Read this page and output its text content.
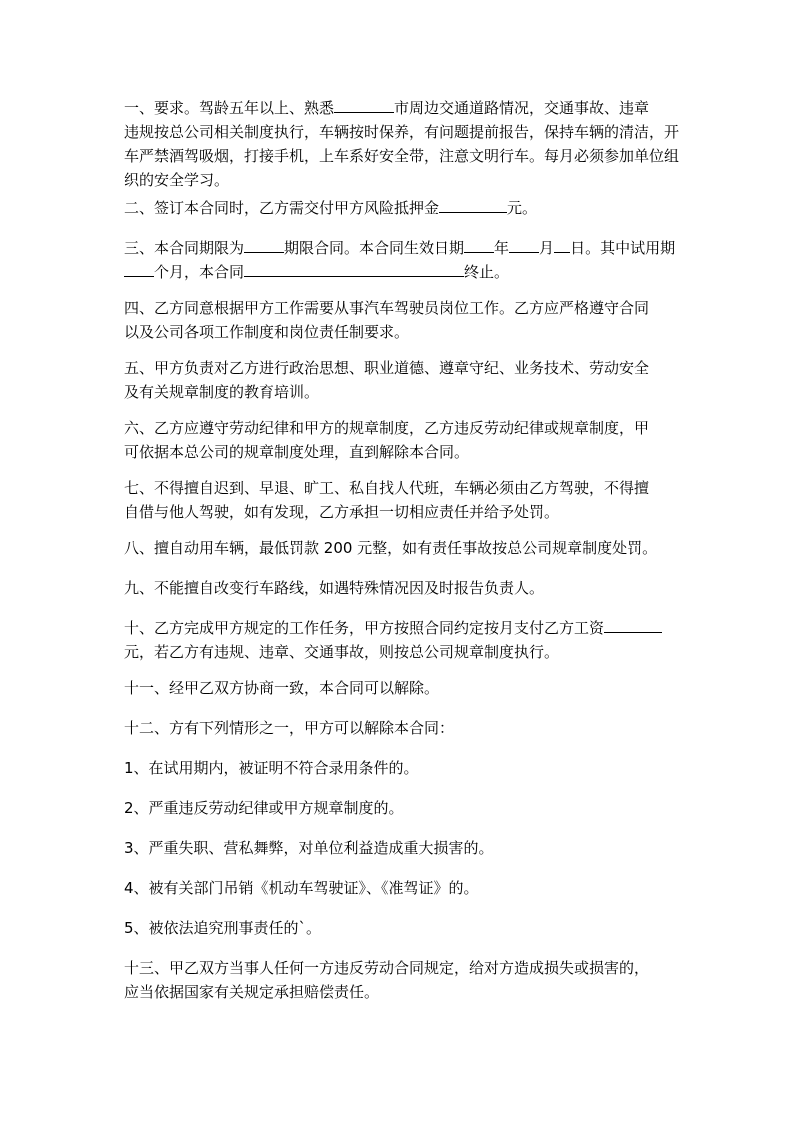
一、要求。驾龄五年以上、熟悉	市周边交通道路情况，交通事故、违章
违规按总公司相关制度执行，车辆按时保养，有问题提前报告，保持车辆的清洁，开
车严禁酒驾吸烟，打接手机，上车系好安全带，注意文明行车。每月必须参加单位组
织的安全学习。

二、签订本合同时，乙方需交付甲方风险抵押金	元。

三、本合同期限为	期限合同。本合同生效日期 年 月 日。其中试用期
个月，本合同	终止。

四、乙方同意根据甲方工作需要从事汽车驾驶员岗位工作。乙方应严格遵守合同
以及公司各项工作制度和岗位责任制要求。

五、甲方负责对乙方进行政治思想、职业道德、遵章守纪、业务技术、劳动安全
及有关规章制度的教育培训。

六、乙方应遵守劳动纪律和甲方的规章制度，乙方违反劳动纪律或规章制度，甲
可依据本总公司的规章制度处理，直到解除本合同。

七、不得擅自迟到、早退、旷工、私自找人代班，车辆必须由乙方驾驶，不得擅
自借与他人驾驶，如有发现，乙方承担一切相应责任并给予处罚。

八、擅自动用车辆，最低罚款 200 元整，如有责任事故按总公司规章制度处罚。

九、不能擅自改变行车路线，如遇特殊情况因及时报告负责人。

十、乙方完成甲方规定的工作任务，甲方按照合同约定按月支付乙方工资
元，若乙方有违规、违章、交通事故，则按总公司规章制度执行。

十一、经甲乙双方协商一致，本合同可以解除。

十二、方有下列情形之一，甲方可以解除本合同：

1、在试用期内，被证明不符合录用条件的。

2、严重违反劳动纪律或甲方规章制度的。

3、严重失职、营私舞弊，对单位利益造成重大损害的。

4、被有关部门吊销《机动车驾驶证》、《准驾证》的。

5、被依法追究刑事责任的`。

十三、甲乙双方当事人任何一方违反劳动合同规定，给对方造成损失或损害的，
应当依据国家有关规定承担赔偿责任。
